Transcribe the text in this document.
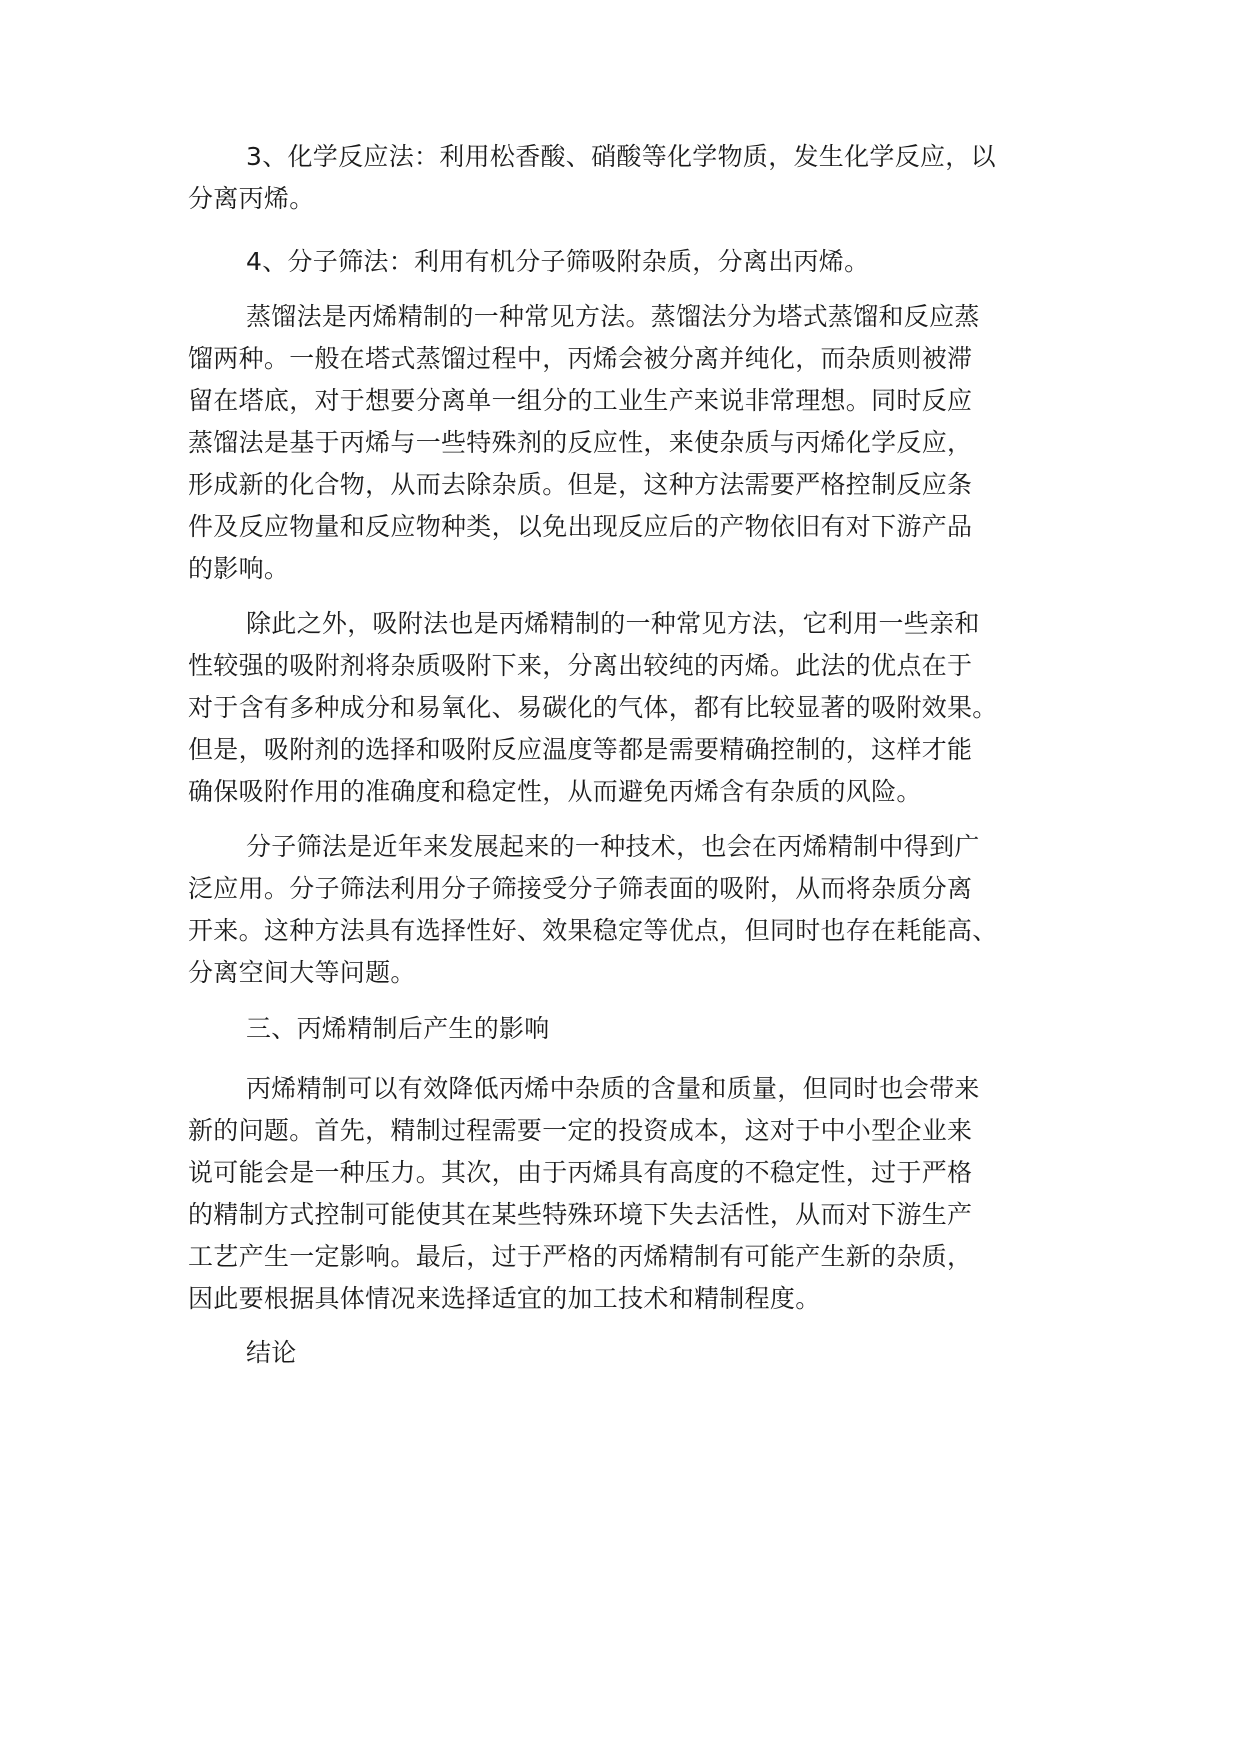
3、化学反应法：利用松香酸、硝酸等化学物质，发生化学反应，以
分离丙烯。
4、分子筛法：利用有机分子筛吸附杂质，分离出丙烯。
蒸馏法是丙烯精制的一种常见方法。蒸馏法分为塔式蒸馏和反应蒸
馏两种。一般在塔式蒸馏过程中，丙烯会被分离并纯化，而杂质则被滞
留在塔底，对于想要分离单一组分的工业生产来说非常理想。同时反应
蒸馏法是基于丙烯与一些特殊剂的反应性，来使杂质与丙烯化学反应，
形成新的化合物，从而去除杂质。但是，这种方法需要严格控制反应条
件及反应物量和反应物种类，以免出现反应后的产物依旧有对下游产品
的影响。
除此之外，吸附法也是丙烯精制的一种常见方法，它利用一些亲和
性较强的吸附剂将杂质吸附下来，分离出较纯的丙烯。此法的优点在于
对于含有多种成分和易氧化、易碳化的气体，都有比较显著的吸附效果。
但是，吸附剂的选择和吸附反应温度等都是需要精确控制的，这样才能
确保吸附作用的准确度和稳定性，从而避免丙烯含有杂质的风险。
分子筛法是近年来发展起来的一种技术，也会在丙烯精制中得到广
泛应用。分子筛法利用分子筛接受分子筛表面的吸附，从而将杂质分离
开来。这种方法具有选择性好、效果稳定等优点，但同时也存在耗能高、
分离空间大等问题。
三、丙烯精制后产生的影响
丙烯精制可以有效降低丙烯中杂质的含量和质量，但同时也会带来
新的问题。首先，精制过程需要一定的投资成本，这对于中小型企业来
说可能会是一种压力。其次，由于丙烯具有高度的不稳定性，过于严格
的精制方式控制可能使其在某些特殊环境下失去活性，从而对下游生产
工艺产生一定影响。最后，过于严格的丙烯精制有可能产生新的杂质，
因此要根据具体情况来选择适宜的加工技术和精制程度。
结论
